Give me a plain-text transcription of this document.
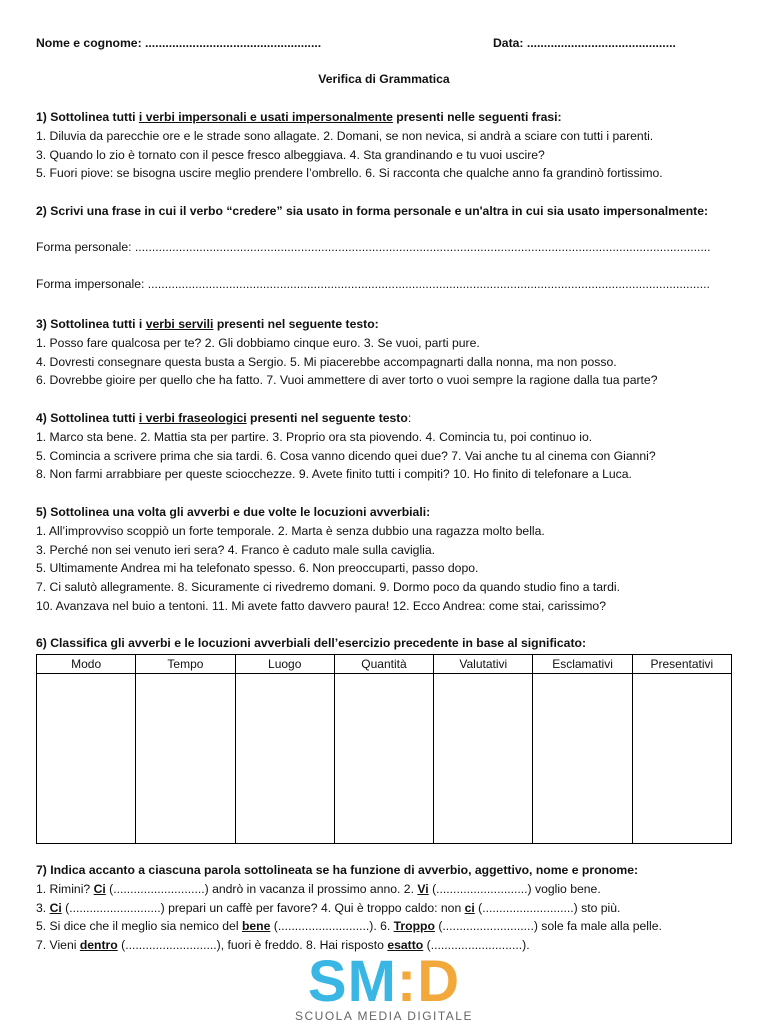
Nome e cognome: ....................................................	Data: ............................................
Verifica di Grammatica
1) Sottolinea tutti i verbi impersonali e usati impersonalmente presenti nelle seguenti frasi:
1. Diluvia da parecchie ore e le strade sono allagate. 2. Domani, se non nevica, si andrà a sciare con tutti i parenti.
3. Quando lo zio è tornato con il pesce fresco albeggiava. 4. Sta grandinando e tu vuoi uscire?
5. Fuori piove: se bisogna uscire meglio prendere l’ombrello. 6. Si racconta che qualche anno fa grandinò fortissimo.
2) Scrivi una frase in cui il verbo “credere” sia usato in forma personale e un'altra in cui sia usato impersonalmente:
Forma personale: ..........................................................................................................................................................................
Forma impersonale: ......................................................................................................................................................................
3) Sottolinea tutti i verbi servili presenti nel seguente testo:
1. Posso fare qualcosa per te? 2. Gli dobbiamo cinque euro. 3. Se vuoi, parti pure.
4. Dovresti consegnare questa busta a Sergio. 5. Mi piacerebbe accompagnarti dalla nonna, ma non posso.
6. Dovrebbe gioire per quello che ha fatto. 7. Vuoi ammettere di aver torto o vuoi sempre la ragione dalla tua parte?
4) Sottolinea tutti i verbi fraseologici presenti nel seguente testo:
1. Marco sta bene. 2. Mattia sta per partire. 3. Proprio ora sta piovendo. 4. Comincia tu, poi continuo io.
5. Comincia a scrivere prima che sia tardi. 6. Cosa vanno dicendo quei due? 7. Vai anche tu al cinema con Gianni?
8. Non farmi arrabbiare per queste sciocchezze. 9. Avete finito tutti i compiti? 10. Ho finito di telefonare a Luca.
5) Sottolinea una volta gli avverbi e due volte le locuzioni avverbiali:
1. All’improvviso scoppiò un forte temporale. 2. Marta è senza dubbio una ragazza molto bella.
3. Perché non sei venuto ieri sera? 4. Franco è caduto male sulla caviglia.
5. Ultimamente Andrea mi ha telefonato spesso. 6. Non preoccuparti, passo dopo.
7. Ci salutò allegramente. 8. Sicuramente ci rivedremo domani. 9. Dormo poco da quando studio fino a tardi.
10. Avanzava nel buio a tentoni. 11. Mi avete fatto davvero paura! 12. Ecco Andrea: come stai, carissimo?
6) Classifica gli avverbi e le locuzioni avverbiali dell’esercizio precedente in base al significato:
Modo	Tempo	Luogo	Quantità	Valutativi	Esclamativi	Presentativi

7) Indica accanto a ciascuna parola sottolineata se ha funzione di avverbio, aggettivo, nome e pronome:
1. Rimini? Ci (...........................) andrò in vacanza il prossimo anno. 2. Vi (...........................) voglio bene.
3. Ci (...........................) prepari un caffè per favore? 4. Qui è troppo caldo: non ci (...........................) sto più.
5. Si dice che il meglio sia nemico del bene (...........................). 6. Troppo (...........................) sole fa male alla pelle.
7. Vieni dentro (...........................), fuori è freddo. 8. Hai risposto esatto (...........................).
SM:D
SCUOLA MEDIA DIGITALE
